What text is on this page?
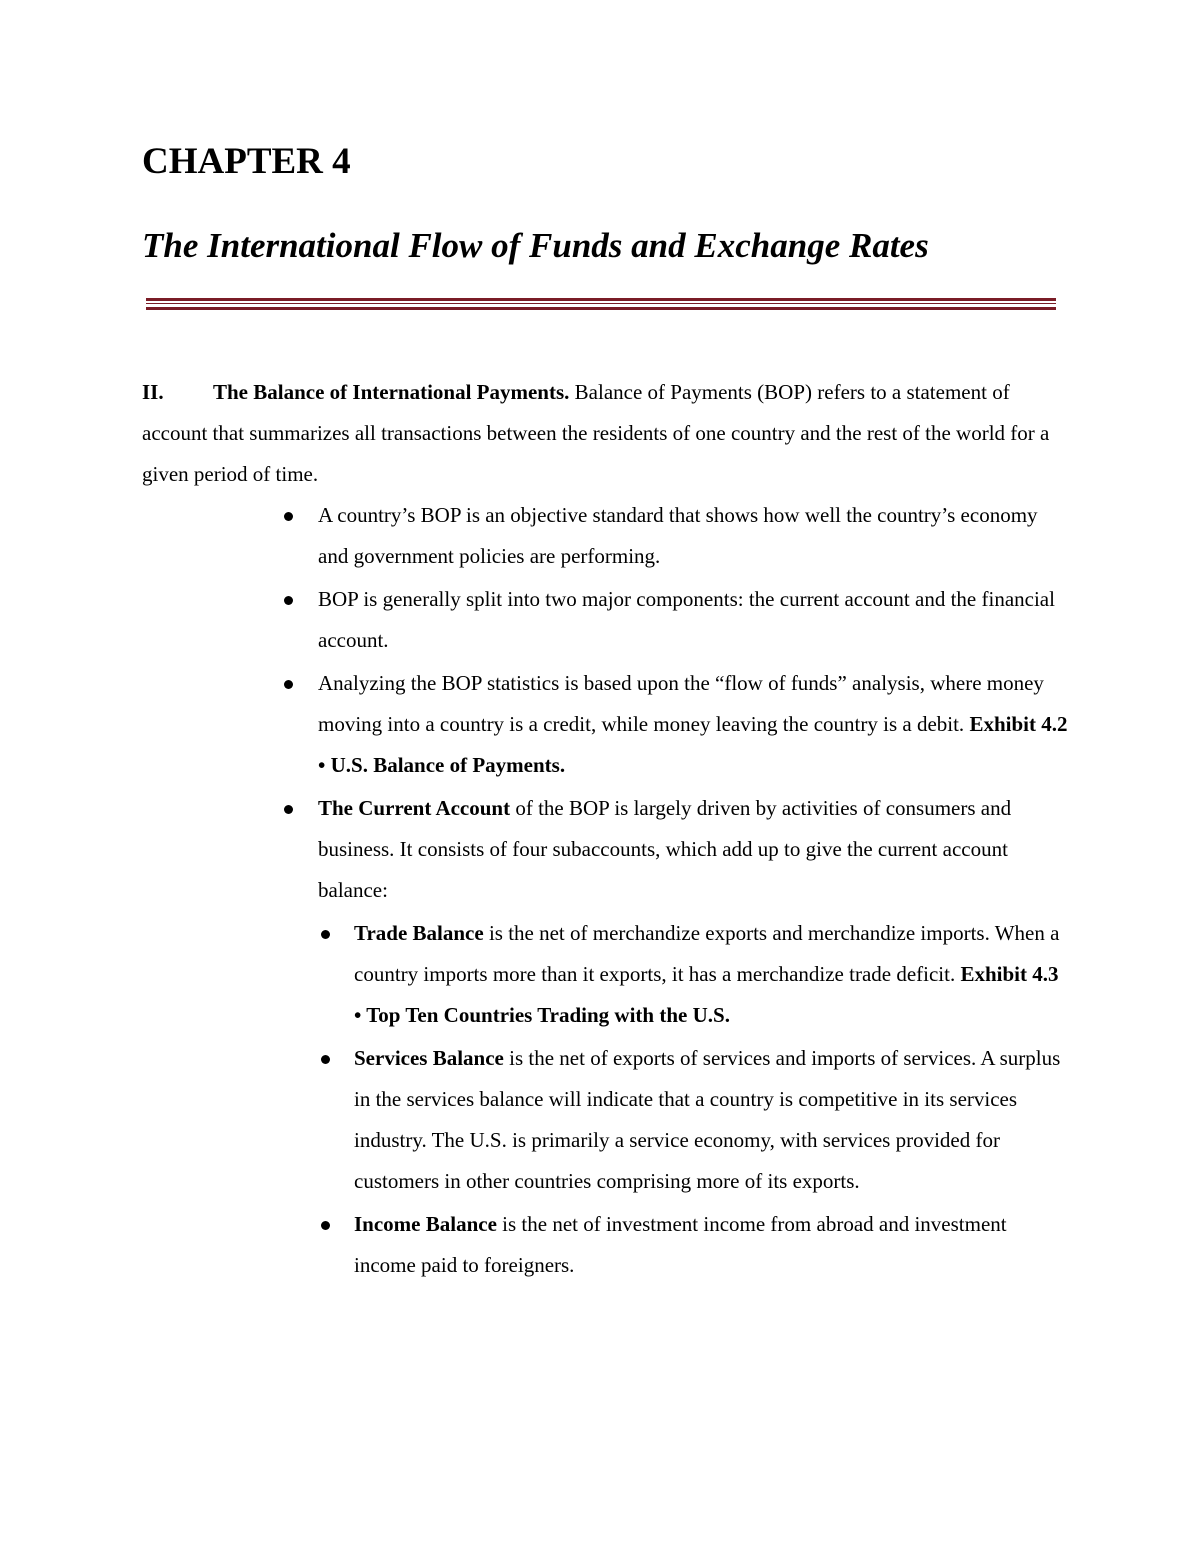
CHAPTER 4
The International Flow of Funds and Exchange Rates

II. The Balance of International Payments. Balance of Payments (BOP) refers to a statement of account that summarizes all transactions between the residents of one country and the rest of the world for a given period of time.

A country’s BOP is an objective standard that shows how well the country’s economy and government policies are performing.
BOP is generally split into two major components: the current account and the financial account.
Analyzing the BOP statistics is based upon the “flow of funds” analysis, where money moving into a country is a credit, while money leaving the country is a debit. Exhibit 4.2 • U.S. Balance of Payments.
The Current Account of the BOP is largely driven by activities of consumers and business. It consists of four subaccounts, which add up to give the current account balance:
Trade Balance is the net of merchandize exports and merchandize imports. When a country imports more than it exports, it has a merchandize trade deficit. Exhibit 4.3 • Top Ten Countries Trading with the U.S.
Services Balance is the net of exports of services and imports of services. A surplus in the services balance will indicate that a country is competitive in its services industry. The U.S. is primarily a service economy, with services provided for customers in other countries comprising more of its exports.
Income Balance is the net of investment income from abroad and investment income paid to foreigners.
